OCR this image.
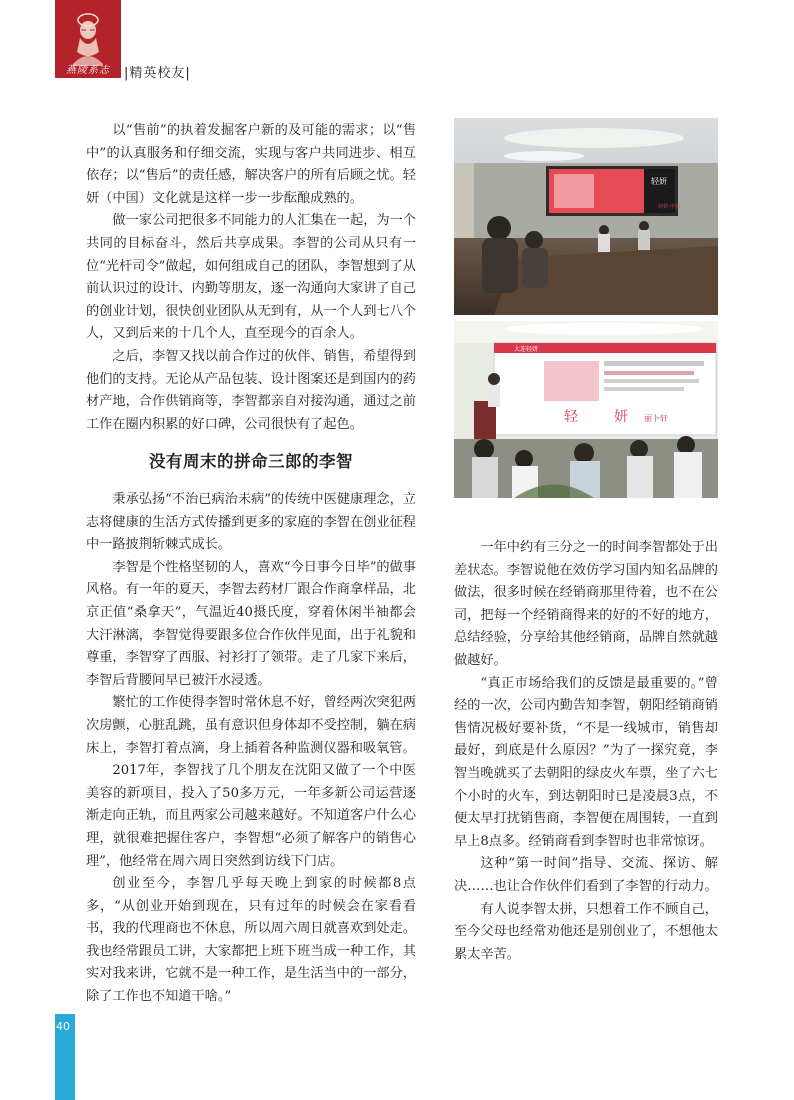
燕陵系志	|精英校友|

以“售前”的执着发掘客户新的及可能的需求；以“售中”的认真服务和仔细交流，实现与客户共同进步、相互依存；以“售后”的责任感，解决客户的所有后顾之忧。轻妍（中国）文化就是这样一步一步酝酿成熟的。

做一家公司把很多不同能力的人汇集在一起，为一个共同的目标奋斗，然后共享成果。李智的公司从只有一位“光杆司令”做起，如何组成自己的团队，李智想到了从前认识过的设计、内勤等朋友，逐一沟通向大家讲了自己的创业计划，很快创业团队从无到有，从一个人到七八个人，又到后来的十几个人，直至现今的百余人。

之后，李智又找以前合作过的伙伴、销售，希望得到他们的支持。无论从产品包装、设计图案还是到国内的药材产地，合作供销商等，李智都亲自对接沟通，通过之前工作在圈内积累的好口碑，公司很快有了起色。

没有周末的拼命三郎的李智

秉承弘扬“不治已病治未病”的传统中医健康理念，立志将健康的生活方式传播到更多的家庭的李智在创业征程中一路披荆斩棘式成长。

李智是个性格坚韧的人，喜欢“今日事今日毕”的做事风格。有一年的夏天，李智去药材厂跟合作商拿样品，北京正值“桑拿天”，气温近40摄氏度，穿着休闲半袖都会大汗淋漓，李智觉得要跟多位合作伙伴见面，出于礼貌和尊重，李智穿了西服、衬衫打了领带。走了几家下来后，李智后背腰间早已被汗水浸透。

繁忙的工作使得李智时常休息不好，曾经两次突犯两次房颤，心脏乱跳，虽有意识但身体却不受控制，躺在病床上，李智打着点滴，身上插着各种监测仪器和吸氧管。

2017年，李智找了几个朋友在沈阳又做了一个中医美容的新项目，投入了50多万元，一年多新公司运营逐渐走向正轨，而且两家公司越来越好。不知道客户什么心理，就很难把握住客户，李智想“必须了解客户的销售心理”，他经常在周六周日突然到访线下门店。

创业至今，李智几乎每天晚上到家的时候都8点多，“从创业开始到现在，只有过年的时候会在家看看书，我的代理商也不休息，所以周六周日就喜欢到处走。我也经常跟员工讲，大家都把上班下班当成一种工作，其实对我来讲，它就不是一种工作，是生活当中的一部分，除了工作也不知道干啥。”

轻妍
轻妍·中国
大连轻妍
轻	妍 丽卜轩

一年中约有三分之一的时间李智都处于出差状态。李智说他在效仿学习国内知名品牌的做法，很多时候在经销商那里待着，也不在公司，把每一个经销商得来的好的不好的地方，总结经验，分享给其他经销商，品牌自然就越做越好。

“真正市场给我们的反馈是最重要的。”曾经的一次，公司内勤告知李智，朝阳经销商销售情况极好要补货，“不是一线城市，销售却最好，到底是什么原因？”为了一探究竟，李智当晚就买了去朝阳的绿皮火车票，坐了六七个小时的火车，到达朝阳时已是凌晨3点，不便太早打扰销售商，李智便在周围转，一直到早上8点多。经销商看到李智时也非常惊讶。

这种“第一时间”指导、交流、探访、解决……也让合作伙伴们看到了李智的行动力。

有人说李智太拼，只想着工作不顾自己，至今父母也经常劝他还是别创业了，不想他太累太辛苦。

40
